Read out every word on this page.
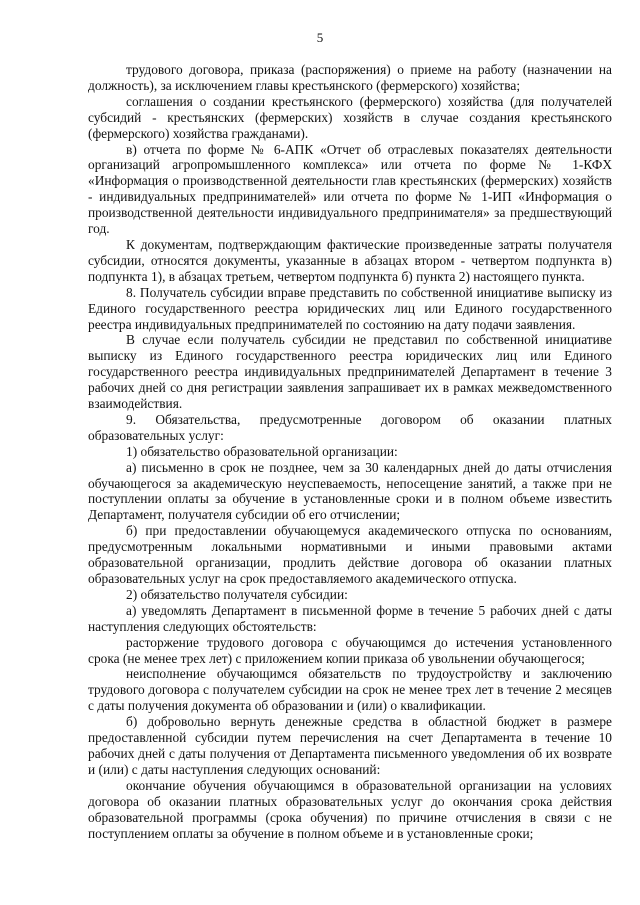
5

трудового договора, приказа (распоряжения) о приеме на работу (назначении на должность), за исключением главы крестьянского (фермерского) хозяйства;

соглашения о создании крестьянского (фермерского) хозяйства (для получателей субсидий - крестьянских (фермерских) хозяйств в случае создания крестьянского (фермерского) хозяйства гражданами).

в) отчета по форме № 6-АПК «Отчет об отраслевых показателях деятельности организаций агропромышленного комплекса» или отчета по форме № 1-КФХ «Информация о производственной деятельности глав крестьянских (фермерских) хозяйств - индивидуальных предпринимателей» или отчета по форме № 1-ИП «Информация о производственной деятельности индивидуального предпринимателя» за предшествующий год.

К документам, подтверждающим фактические произведенные затраты получателя субсидии, относятся документы, указанные в абзацах втором - четвертом подпункта в) подпункта 1), в абзацах третьем, четвертом подпункта б) пункта 2) настоящего пункта.

8. Получатель субсидии вправе представить по собственной инициативе выписку из Единого государственного реестра юридических лиц или Единого государственного реестра индивидуальных предпринимателей по состоянию на дату подачи заявления.

В случае если получатель субсидии не представил по собственной инициативе выписку из Единого государственного реестра юридических лиц или Единого государственного реестра индивидуальных предпринимателей Департамент в течение 3 рабочих дней со дня регистрации заявления запрашивает их в рамках межведомственного взаимодействия.

9. Обязательства, предусмотренные договором об оказании платных образовательных услуг:

1) обязательство образовательной организации:

а) письменно в срок не позднее, чем за 30 календарных дней до даты отчисления обучающегося за академическую неуспеваемость, непосещение занятий, а также при не поступлении оплаты за обучение в установленные сроки и в полном объеме известить Департамент, получателя субсидии об его отчислении;

б) при предоставлении обучающемуся академического отпуска по основаниям, предусмотренным локальными нормативными и иными правовыми актами образовательной организации, продлить действие договора об оказании платных образовательных услуг на срок предоставляемого академического отпуска.

2) обязательство получателя субсидии:

а) уведомлять Департамент в письменной форме в течение 5 рабочих дней с даты наступления следующих обстоятельств:

расторжение трудового договора с обучающимся до истечения установленного срока (не менее трех лет) с приложением копии приказа об увольнении обучающегося;

неисполнение обучающимся обязательств по трудоустройству и заключению трудового договора с получателем субсидии на срок не менее трех лет в течение 2 месяцев с даты получения документа об образовании и (или) о квалификации.

б) добровольно вернуть денежные средства в областной бюджет в размере предоставленной субсидии путем перечисления на счет Департамента в течение 10 рабочих дней с даты получения от Департамента письменного уведомления об их возврате и (или) с даты наступления следующих оснований:

окончание обучения обучающимся в образовательной организации на условиях договора об оказании платных образовательных услуг до окончания срока действия образовательной программы (срока обучения) по причине отчисления в связи с не поступлением оплаты за обучение в полном объеме и в установленные сроки;
